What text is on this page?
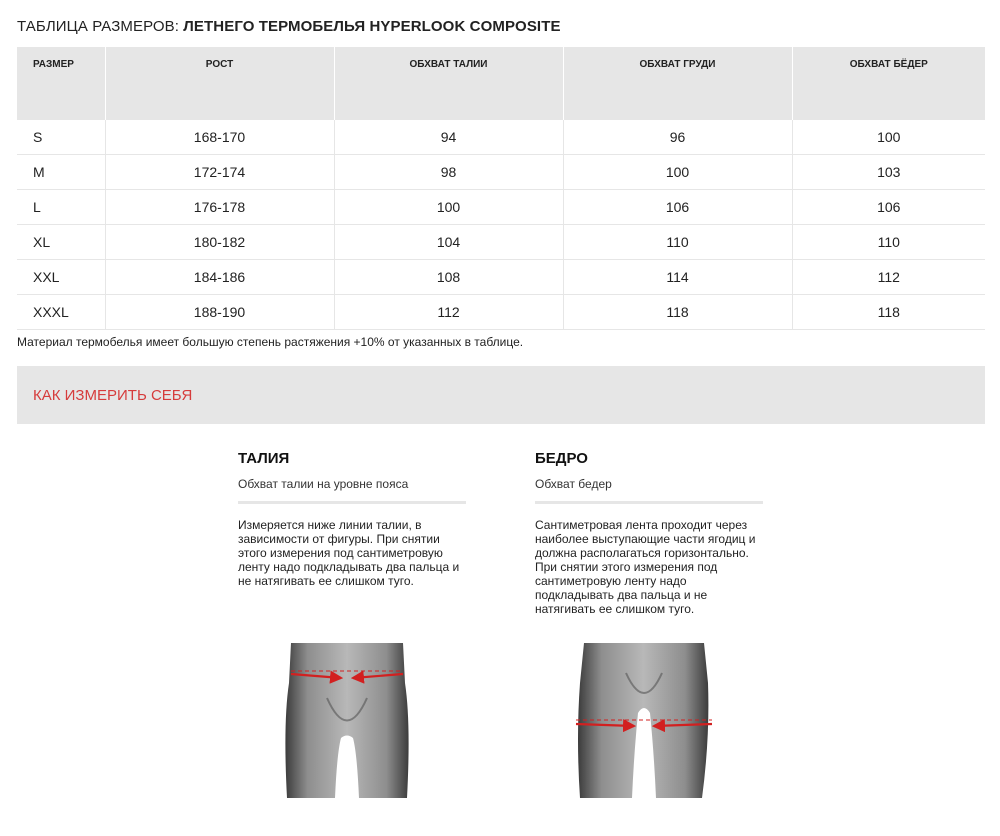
ТАБЛИЦА РАЗМЕРОВ: ЛЕТНЕГО ТЕРМОБЕЛЬЯ HYPERLOOK COMPOSITE
РАЗМЕР	РОСТ	ОБХВАТ ТАЛИИ	ОБХВАТ ГРУДИ	ОБХВАТ БЁДЕР
S	168-170	94	96	100
M	172-174	98	100	103
L	176-178	100	106	106
XL	180-182	104	110	110
XXL	184-186	108	114	112
XXXL	188-190	112	118	118
Материал термобелья имеет большую степень растяжения +10% от указанных в таблице.
КАК ИЗМЕРИТЬ СЕБЯ
ТАЛИЯ
Обхват талии на уровне пояса
Измеряется ниже линии талии, в зависимости от фигуры. При снятии этого измерения под сантиметровую ленту надо подкладывать два пальца и не натягивать ее слишком туго.
БЕДРО
Обхват бедер
Сантиметровая лента проходит через наиболее выступающие части ягодиц и должна располагаться горизонтально. При снятии этого измерения под сантиметровую ленту надо подкладывать два пальца и не натягивать ее слишком туго.
